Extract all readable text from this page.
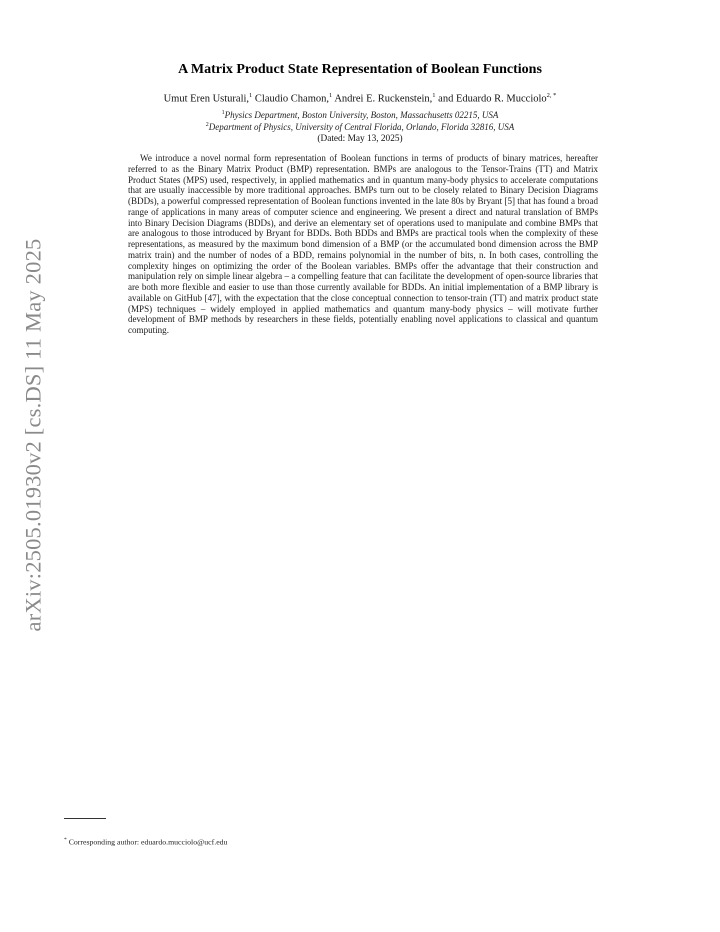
arXiv:2505.01930v2 [cs.DS] 11 May 2025
A Matrix Product State Representation of Boolean Functions
Umut Eren Usturali,$^1$ Claudio Chamon,$^1$ Andrei E. Ruckenstein,$^1$ and Eduardo R. Mucciolo$^{2, *}$
$^1$Physics Department, Boston University, Boston, Massachusetts 02215, USA
$^2$Department of Physics, University of Central Florida, Orlando, Florida 32816, USA
(Dated: May 13, 2025)

We introduce a novel normal form representation of Boolean functions in terms of products of binary matrices, hereafter referred to as the Binary Matrix Product (BMP) representation. BMPs are analogous to the Tensor-Trains (TT) and Matrix Product States (MPS) used, respectively, in applied mathematics and in quantum many-body physics to accelerate computations that are usually inaccessible by more traditional approaches. BMPs turn out to be closely related to Binary Decision Diagrams (BDDs), a powerful compressed representation of Boolean functions invented in the late 80s by Bryant [5] that has found a broad range of applications in many areas of computer science and engineering. We present a direct and natural translation of BMPs into Binary Decision Diagrams (BDDs), and derive an elementary set of operations used to manipulate and combine BMPs that are analogous to those introduced by Bryant for BDDs. Both BDDs and BMPs are practical tools when the complexity of these representations, as measured by the maximum bond dimension of a BMP (or the accumulated bond dimension across the BMP matrix train) and the number of nodes of a BDD, remains polynomial in the number of bits, n. In both cases, controlling the complexity hinges on optimizing the order of the Boolean variables. BMPs offer the advantage that their construction and manipulation rely on simple linear algebra – a compelling feature that can facilitate the development of open-source libraries that are both more flexible and easier to use than those currently available for BDDs. An initial implementation of a BMP library is available on GitHub [47], with the expectation that the close conceptual connection to tensor-train (TT) and matrix product state (MPS) techniques – widely employed in applied mathematics and quantum many-body physics – will motivate further development of BMP methods by researchers in these fields, potentially enabling novel applications to classical and quantum computing.

* Corresponding author: eduardo.mucciolo@ucf.edu
